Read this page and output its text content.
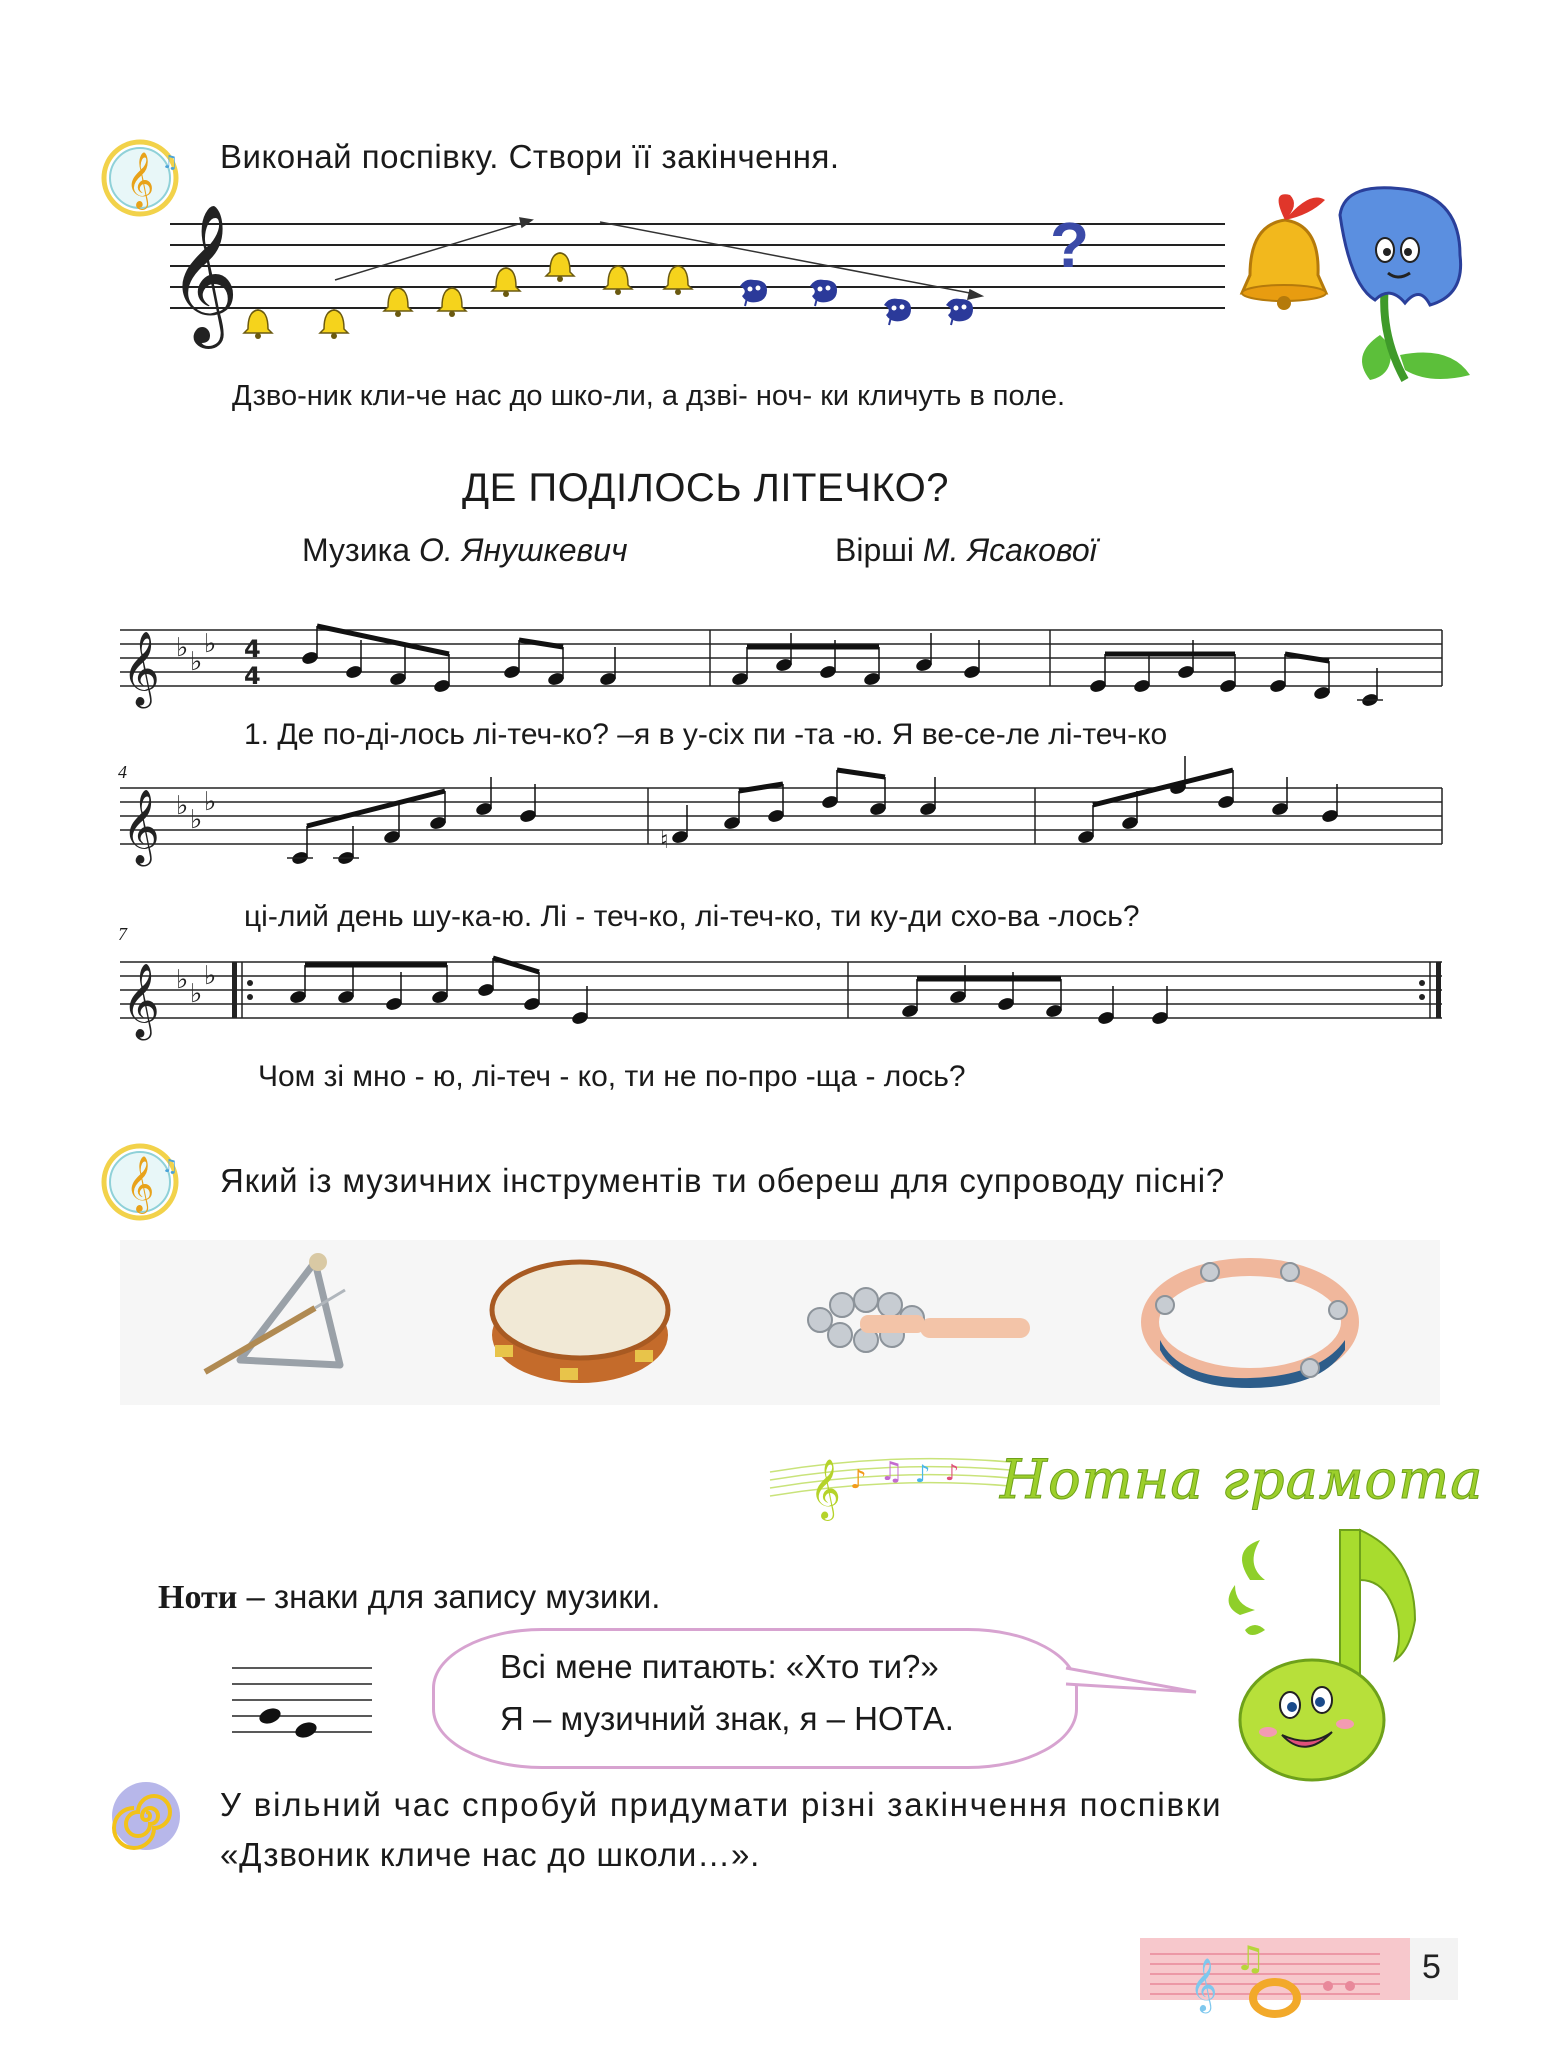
𝄞 ♫ Виконай поспівку. Створи її закінчення.
𝄞	?
Дзво-ник кли-че нас до шко-ли, а дзві- ноч- ки кличуть в поле.
ДЕ ПОДІЛОСЬ ЛІТЕЧКО?
Музика О. Янушкевич	Вірші М. Ясакової
𝄞 ♭ ♭
♭ 4
4
1. Де по-ді-лось лі-теч-ко? –я в у-сіх пи -та -ю. Я ве-се-ле лі-теч-ко
4
𝄞 ♭ ♭
♭
♮
ці-лий день шу-ка-ю. Лі - теч-ко, лі-теч-ко, ти ку-ди схо-ва -лось?
7
𝄞 ♭ ♭
♭
Чом зі мно - ю, лі-теч - ко, ти не по-про -ща - лось?
𝄞 ♫ Який із музичних інструментів ти обереш для супроводу пісні?
𝄞 ♪ ♫ ♪ ♪ Нотна грамота
Ноти – знаки для запису музики.
Всі мене питають: «Хто ти?»
Я – музичний знак, я – НОТА.
У вільний час спробуй придумати різні закінчення поспівки
«Дзвоник кличе нас до школи…».
𝄞 ♫	5
